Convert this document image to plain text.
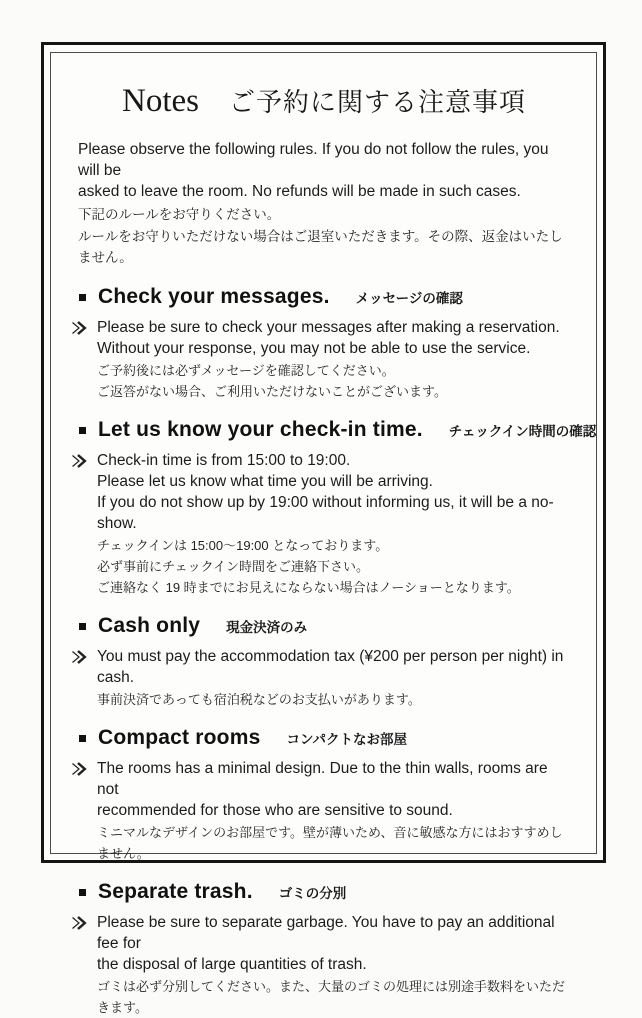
Notes ご予約に関する注意事項
Please observe the following rules. If you do not follow the rules, you will be
asked to leave the room. No refunds will be made in such cases.
下記のルールをお守りください。
ルールをお守りいただけない場合はご退室いただきます。その際、返金はいたしません。
Check your messages. メッセージの確認
Please be sure to check your messages after making a reservation.
Without your response, you may not be able to use the service.
ご予約後には必ずメッセージを確認してください。
ご返答がない場合、ご利用いただけないことがございます。
Let us know your check-in time. チェックイン時間の確認
Check-in time is from 15:00 to 19:00.
Please let us know what time you will be arriving.
If you do not show up by 19:00 without informing us, it will be a no-show.
チェックインは 15:00〜19:00 となっております。
必ず事前にチェックイン時間をご連絡下さい。
ご連絡なく 19 時までにお見えにならない場合はノーショーとなります。
Cash only 現金決済のみ
You must pay the accommodation tax (¥200 per person per night) in cash.
事前決済であっても宿泊税などのお支払いがあります。
Compact rooms コンパクトなお部屋
The rooms has a minimal design. Due to the thin walls, rooms are not
recommended for those who are sensitive to sound.
ミニマルなデザインのお部屋です。壁が薄いため、音に敏感な方にはおすすめしません。
Separate trash. ゴミの分別
Please be sure to separate garbage. You have to pay an additional fee for
the disposal of large quantities of trash.
ゴミは必ず分別してください。また、大量のゴミの処理には別途手数料をいただきます。
